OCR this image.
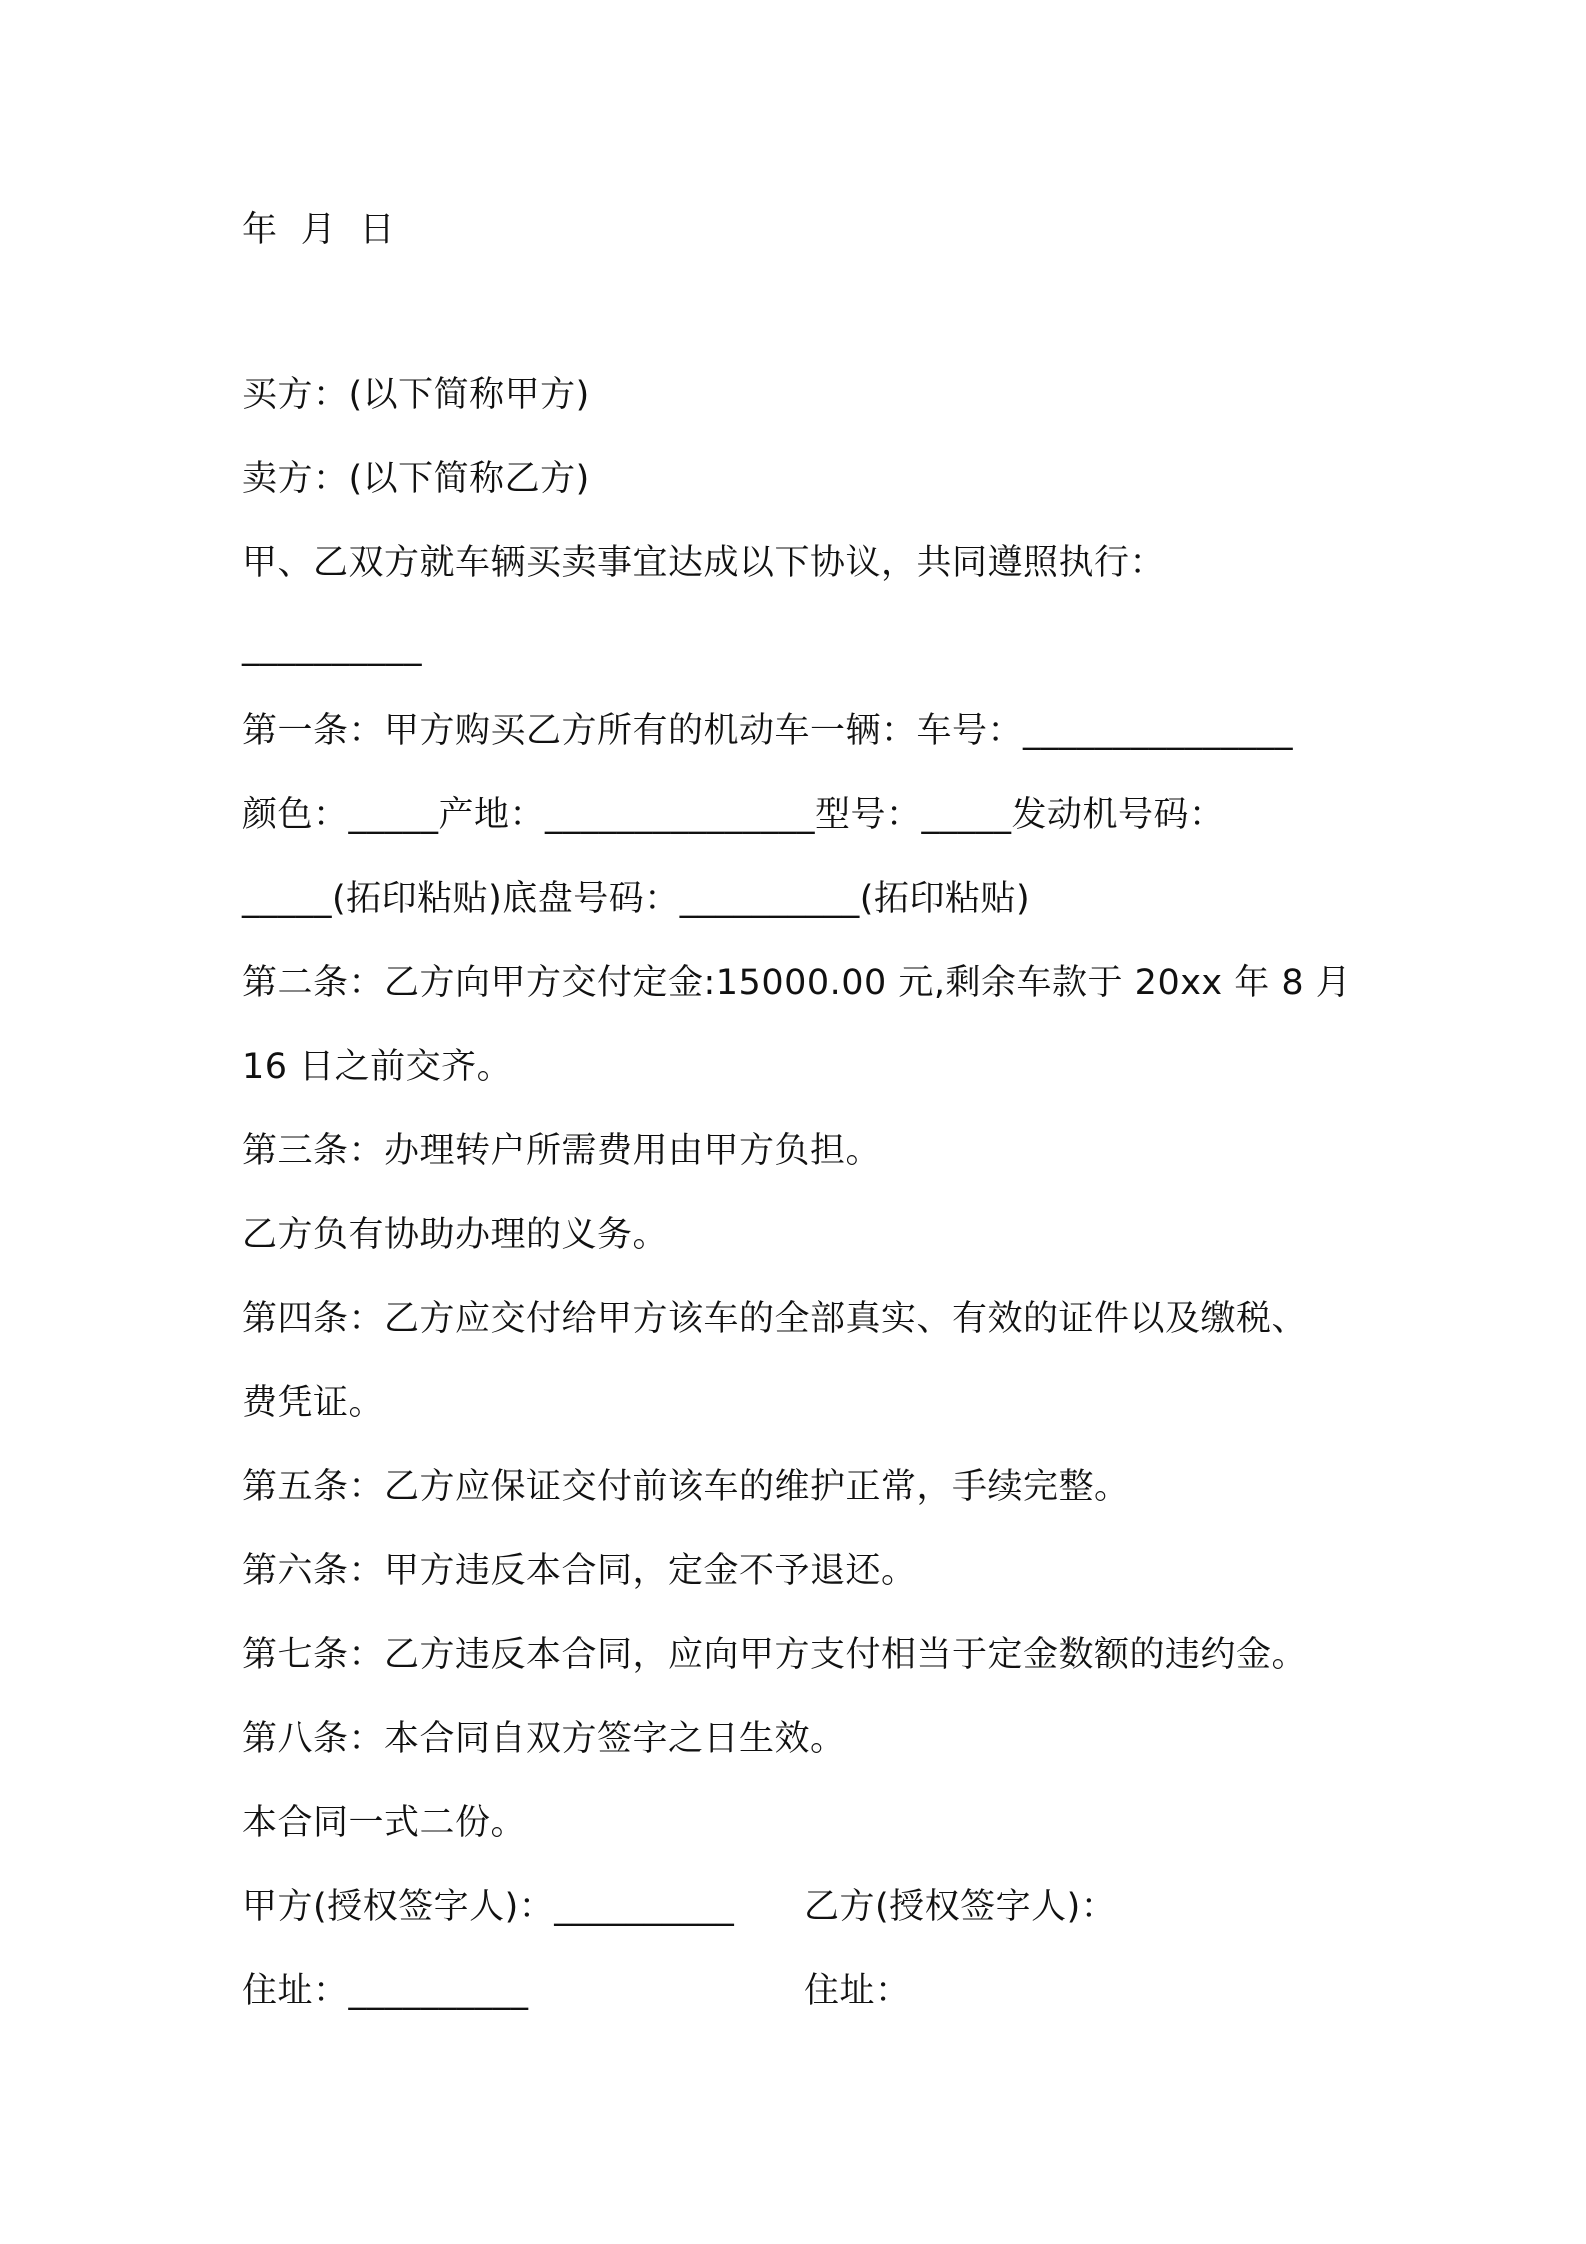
年  月  日
买方：(以下简称甲方)
卖方：(以下简称乙方)
甲、乙双方就车辆买卖事宜达成以下协议，共同遵照执行：
__________
第一条：甲方购买乙方所有的机动车一辆：车号：_______________
颜色：_____产地：_______________型号：_____发动机号码：
_____(拓印粘贴)底盘号码：__________(拓印粘贴)
第二条：乙方向甲方交付定金:15000.00 元,剩余车款于 20xx 年 8 月
16 日之前交齐。
第三条：办理转户所需费用由甲方负担。
乙方负有协助办理的义务。
第四条：乙方应交付给甲方该车的全部真实、有效的证件以及缴税、
费凭证。
第五条：乙方应保证交付前该车的维护正常，手续完整。
第六条：甲方违反本合同，定金不予退还。
第七条：乙方违反本合同，应向甲方支付相当于定金数额的违约金。
第八条：本合同自双方签字之日生效。
本合同一式二份。
甲方(授权签字人)：__________ 乙方(授权签字人)：
住址：__________	住址：
